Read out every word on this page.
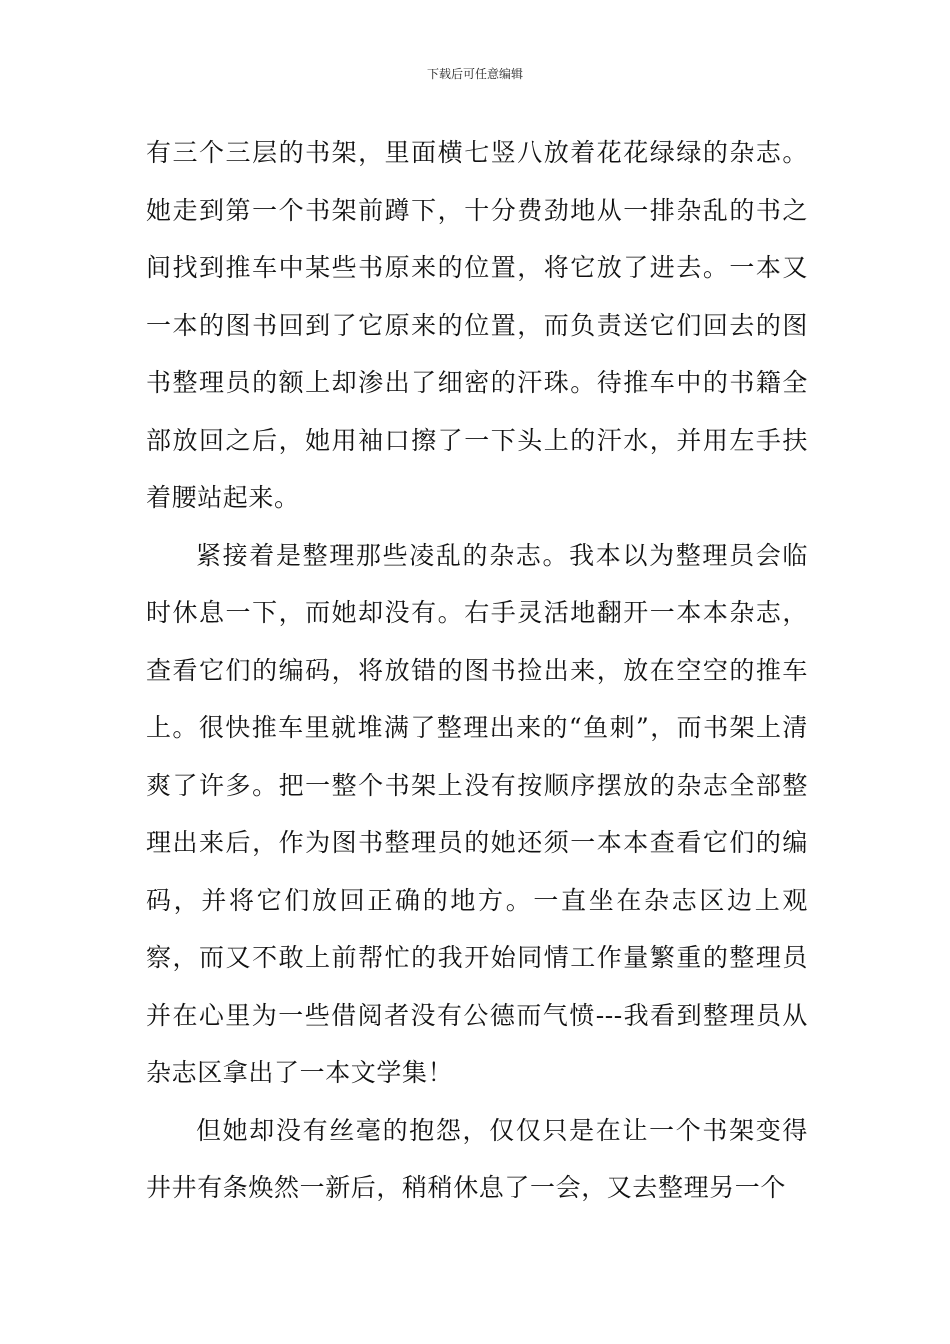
下载后可任意编辑

有三个三层的书架，里面横七竖八放着花花绿绿的杂志。她走到第一个书架前蹲下，十分费劲地从一排杂乱的书之间找到推车中某些书原来的位置，将它放了进去。一本又一本的图书回到了它原来的位置，而负责送它们回去的图书整理员的额上却渗出了细密的汗珠。待推车中的书籍全部放回之后，她用袖口擦了一下头上的汗水，并用左手扶着腰站起来。

紧接着是整理那些凌乱的杂志。我本以为整理员会临时休息一下，而她却没有。右手灵活地翻开一本本杂志，查看它们的编码，将放错的图书捡出来，放在空空的推车上。很快推车里就堆满了整理出来的“鱼刺”，而书架上清爽了许多。把一整个书架上没有按顺序摆放的杂志全部整理出来后，作为图书整理员的她还须一本本查看它们的编码，并将它们放回正确的地方。一直坐在杂志区边上观察，而又不敢上前帮忙的我开始同情工作量繁重的整理员并在心里为一些借阅者没有公德而气愤---我看到整理员从杂志区拿出了一本文学集！

但她却没有丝毫的抱怨，仅仅只是在让一个书架变得井井有条焕然一新后，稍稍休息了一会，又去整理另一个
